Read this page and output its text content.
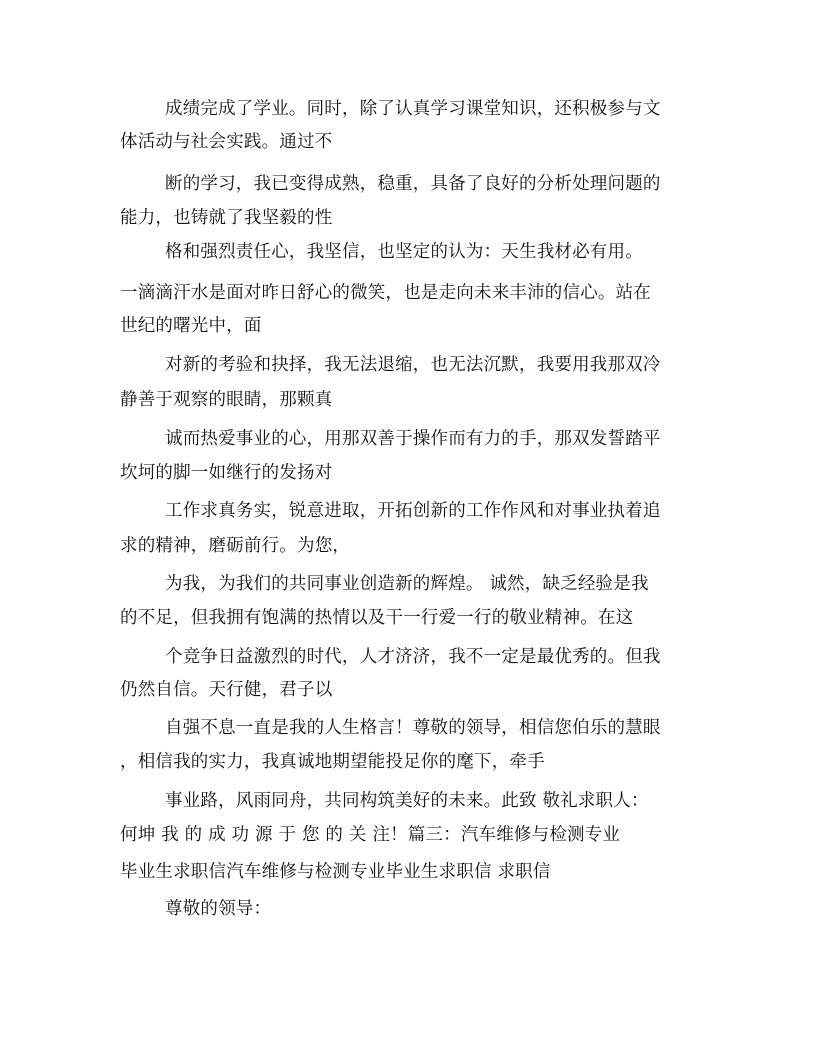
成绩完成了学业。同时，除了认真学习课堂知识，还积极参与文
体活动与社会实践。通过不
断的学习，我已变得成熟，稳重，具备了良好的分析处理问题的
能力，也铸就了我坚毅的性
格和强烈责任心，我坚信，也坚定的认为：天生我材必有用。
一滴滴汗水是面对昨日舒心的微笑，也是走向未来丰沛的信心。站在
世纪的曙光中，面
对新的考验和抉择，我无法退缩，也无法沉默，我要用我那双冷
静善于观察的眼睛，那颗真
诚而热爱事业的心，用那双善于操作而有力的手，那双发誓踏平
坎坷的脚一如继行的发扬对
工作求真务实，锐意进取，开拓创新的工作作风和对事业执着追
求的精神，磨砺前行。为您，
为我，为我们的共同事业创造新的辉煌。 诚然，缺乏经验是我
的不足，但我拥有饱满的热情以及干一行爱一行的敬业精神。在这
个竞争日益激烈的时代，人才济济，我不一定是最优秀的。但我
仍然自信。天行健，君子以
自强不息一直是我的人生格言！尊敬的领导，相信您伯乐的慧眼
，相信我的实力，我真诚地期望能投足你的麾下，牵手
事业路，风雨同舟，共同构筑美好的未来。此致 敬礼求职人：
何坤 我 的 成 功 源 于 您 的 关 注！篇三：汽车维修与检测专业
毕业生求职信汽车维修与检测专业毕业生求职信 求职信
尊敬的领导：
